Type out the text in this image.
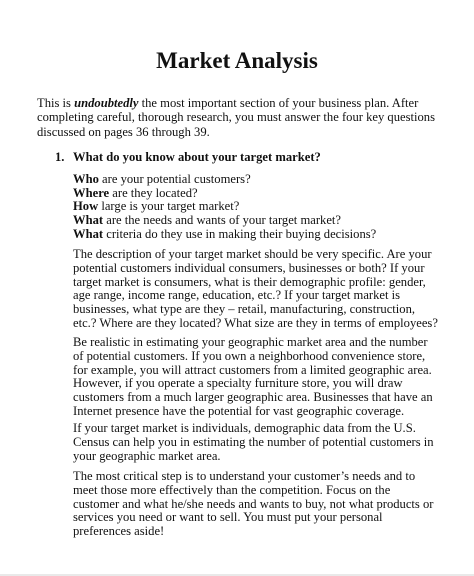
Market Analysis
This is undoubtedly the most important section of your business plan. After completing careful, thorough research, you must answer the four key questions discussed on pages 36 through 39.
1. What do you know about your target market?
Who are your potential customers?
Where are they located?
How large is your target market?
What are the needs and wants of your target market?
What criteria do they use in making their buying decisions?
The description of your target market should be very specific. Are your potential customers individual consumers, businesses or both? If your target market is consumers, what is their demographic profile: gender, age range, income range, education, etc.? If your target market is businesses, what type are they – retail, manufacturing, construction, etc.? Where are they located? What size are they in terms of employees?
Be realistic in estimating your geographic market area and the number of potential customers. If you own a neighborhood convenience store, for example, you will attract customers from a limited geographic area. However, if you operate a specialty furniture store, you will draw customers from a much larger geographic area. Businesses that have an Internet presence have the potential for vast geographic coverage.
If your target market is individuals, demographic data from the U.S. Census can help you in estimating the number of potential customers in your geographic market area.
The most critical step is to understand your customer’s needs and to meet those more effectively than the competition. Focus on the customer and what he/she needs and wants to buy, not what products or services you need or want to sell. You must put your personal preferences aside!
